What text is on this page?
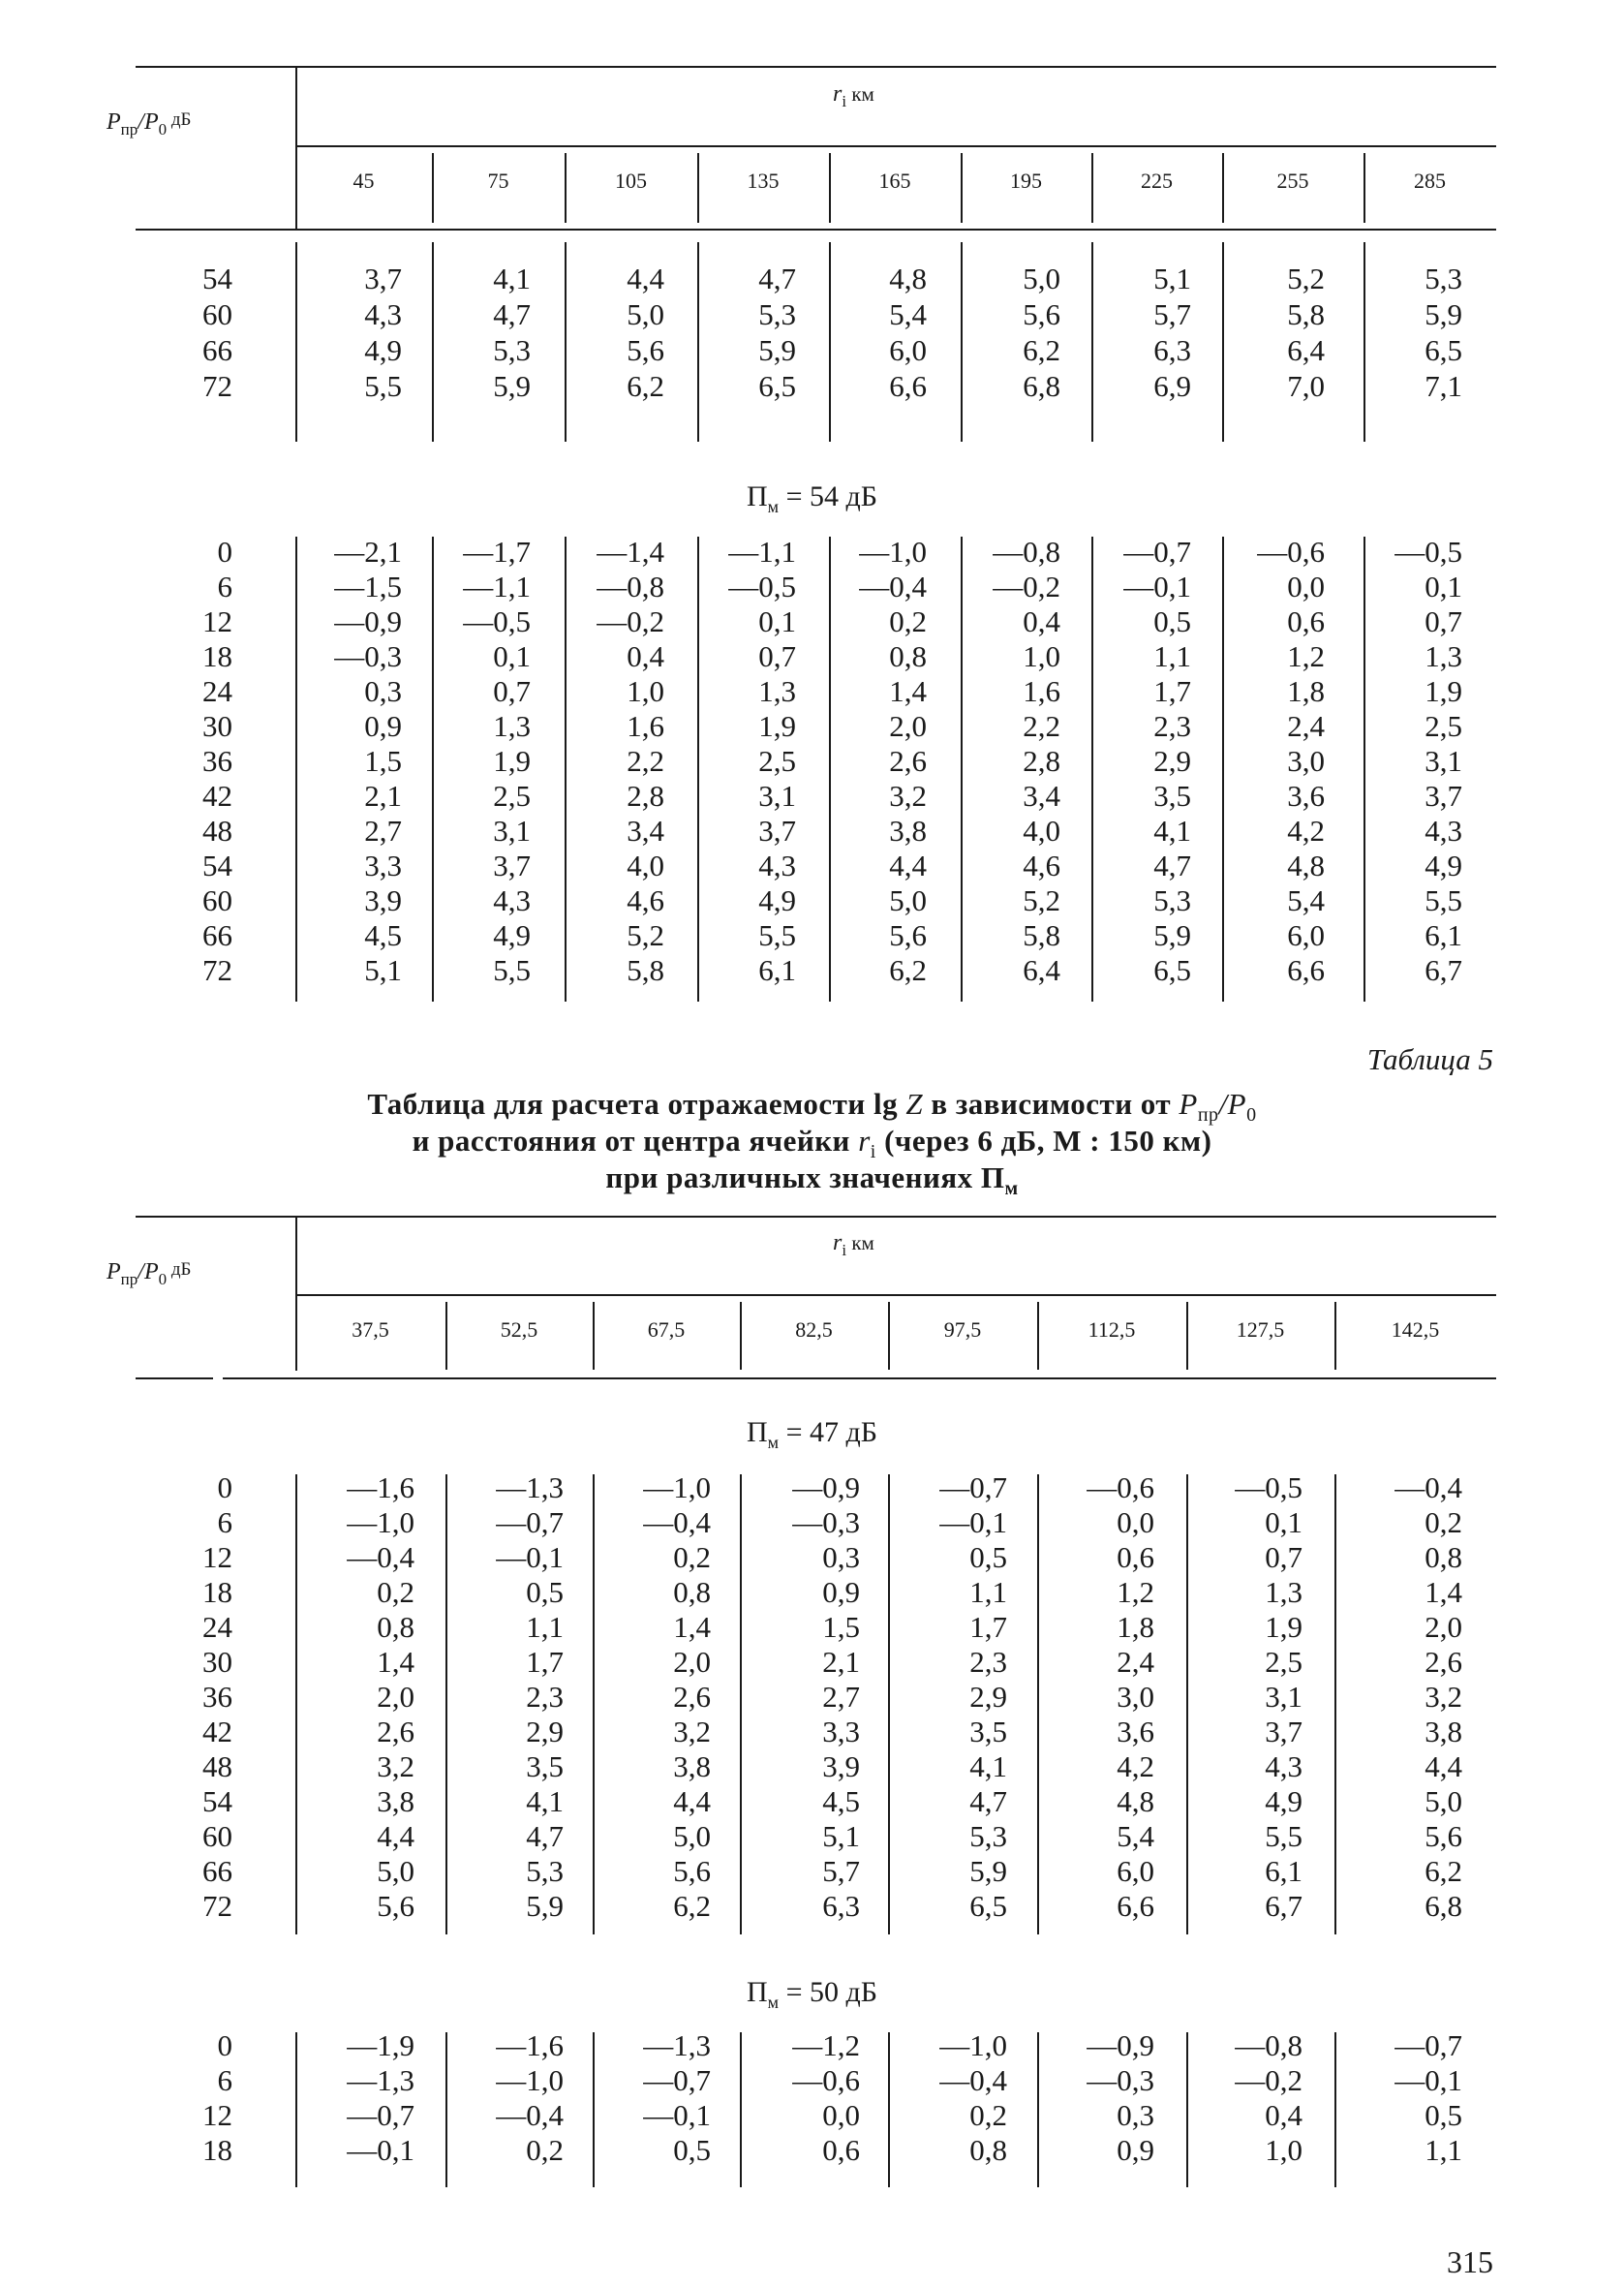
$P_{пр}/P_0$ дБ
$r_i$ км
45	75	105	135	165	195	225	255	285
54	3,7	4,1	4,4	4,7	4,8	5,0	5,1	5,2	5,3
60	4,3	4,7	5,0	5,3	5,4	5,6	5,7	5,8	5,9
66	4,9	5,3	5,6	5,9	6,0	6,2	6,3	6,4	6,5
72	5,5	5,9	6,2	6,5	6,6	6,8	6,9	7,0	7,1
$П_м = 54$ дБ
0	—2,1	—1,7	—1,4	—1,1	—1,0	—0,8	—0,7	—0,6	—0,5
6	—1,5	—1,1	—0,8	—0,5	—0,4	—0,2	—0,1	0,0	0,1
12	—0,9	—0,5	—0,2	0,1	0,2	0,4	0,5	0,6	0,7
18	—0,3	0,1	0,4	0,7	0,8	1,0	1,1	1,2	1,3
24	0,3	0,7	1,0	1,3	1,4	1,6	1,7	1,8	1,9
30	0,9	1,3	1,6	1,9	2,0	2,2	2,3	2,4	2,5
36	1,5	1,9	2,2	2,5	2,6	2,8	2,9	3,0	3,1
42	2,1	2,5	2,8	3,1	3,2	3,4	3,5	3,6	3,7
48	2,7	3,1	3,4	3,7	3,8	4,0	4,1	4,2	4,3
54	3,3	3,7	4,0	4,3	4,4	4,6	4,7	4,8	4,9
60	3,9	4,3	4,6	4,9	5,0	5,2	5,3	5,4	5,5
66	4,5	4,9	5,2	5,5	5,6	5,8	5,9	6,0	6,1
72	5,1	5,5	5,8	6,1	6,2	6,4	6,5	6,6	6,7
Таблица 5
Таблица для расчета отражаемости lg Z в зависимости от $P_{пр}/P_0$
и расстояния от центра ячейки $r_i$ (через 6 дБ, М : 150 км)
при различных значениях $П_м$
$P_{пр}/P_0$ дБ
$r_i$ км
37,5	52,5	67,5	82,5	97,5	112,5	127,5	142,5
$П_м = 47$ дБ
0	—1,6	—1,3	—1,0	—0,9	—0,7	—0,6	—0,5	—0,4
6	—1,0	—0,7	—0,4	—0,3	—0,1	0,0	0,1	0,2
12	—0,4	—0,1	0,2	0,3	0,5	0,6	0,7	0,8
18	0,2	0,5	0,8	0,9	1,1	1,2	1,3	1,4
24	0,8	1,1	1,4	1,5	1,7	1,8	1,9	2,0
30	1,4	1,7	2,0	2,1	2,3	2,4	2,5	2,6
36	2,0	2,3	2,6	2,7	2,9	3,0	3,1	3,2
42	2,6	2,9	3,2	3,3	3,5	3,6	3,7	3,8
48	3,2	3,5	3,8	3,9	4,1	4,2	4,3	4,4
54	3,8	4,1	4,4	4,5	4,7	4,8	4,9	5,0
60	4,4	4,7	5,0	5,1	5,3	5,4	5,5	5,6
66	5,0	5,3	5,6	5,7	5,9	6,0	6,1	6,2
72	5,6	5,9	6,2	6,3	6,5	6,6	6,7	6,8
$П_м = 50$ дБ
0	—1,9	—1,6	—1,3	—1,2	—1,0	—0,9	—0,8	—0,7
6	—1,3	—1,0	—0,7	—0,6	—0,4	—0,3	—0,2	—0,1
12	—0,7	—0,4	—0,1	0,0	0,2	0,3	0,4	0,5
18	—0,1	0,2	0,5	0,6	0,8	0,9	1,0	1,1
315
